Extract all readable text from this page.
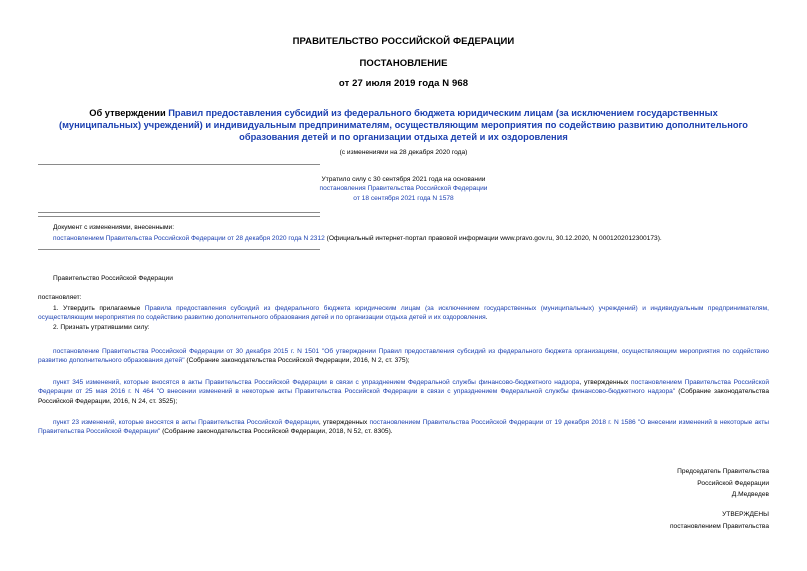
ПРАВИТЕЛЬСТВО РОССИЙСКОЙ ФЕДЕРАЦИИ
ПОСТАНОВЛЕНИЕ
от 27 июля 2019 года N 968
Об утверждении Правил предоставления субсидий из федерального бюджета юридическим лицам (за исключением государственных (муниципальных) учреждений) и индивидуальным предпринимателям, осуществляющим мероприятия по содействию развитию дополнительного образования детей и по организации отдыха детей и их оздоровления
(с изменениями на 28 декабря 2020 года)
Утратило силу с 30 сентября 2021 года на основании
постановления Правительства Российской Федерации
от 18 сентября 2021 года N 1578
Документ с изменениями, внесенными:
постановлением Правительства Российской Федерации от 28 декабря 2020 года N 2312 (Официальный интернет-портал правовой информации www.pravo.gov.ru, 30.12.2020, N 0001202012300173).
Правительство Российской Федерации
постановляет:
1. Утвердить прилагаемые Правила предоставления субсидий из федерального бюджета юридическим лицам (за исключением государственных (муниципальных) учреждений) и индивидуальным предпринимателям, осуществляющим мероприятия по содействию развитию дополнительного образования детей и по организации отдыха детей и их оздоровления.
2. Признать утратившими силу:
постановление Правительства Российской Федерации от 30 декабря 2015 г. N 1501 "Об утверждении Правил предоставления субсидий из федерального бюджета организациям, осуществляющим мероприятия по содействию развитию дополнительного образования детей" (Собрание законодательства Российской Федерации, 2016, N 2, ст. 375);
пункт 345 изменений, которые вносятся в акты Правительства Российской Федерации в связи с упразднением Федеральной службы финансово-бюджетного надзора, утвержденных постановлением Правительства Российской Федерации от 25 мая 2016 г. N 464 "О внесении изменений в некоторые акты Правительства Российской Федерации в связи с упразднением Федеральной службы финансово-бюджетного надзора" (Собрание законодательства Российской Федерации, 2016, N 24, ст. 3525);
пункт 23 изменений, которые вносятся в акты Правительства Российской Федерации, утвержденных постановлением Правительства Российской Федерации от 19 декабря 2018 г. N 1586 "О внесении изменений в некоторые акты Правительства Российской Федерации" (Собрание законодательства Российской Федерации, 2018, N 52, ст. 8305).
Председатель Правительства
Российской Федерации
Д.Медведев
УТВЕРЖДЕНЫ
постановлением Правительства
